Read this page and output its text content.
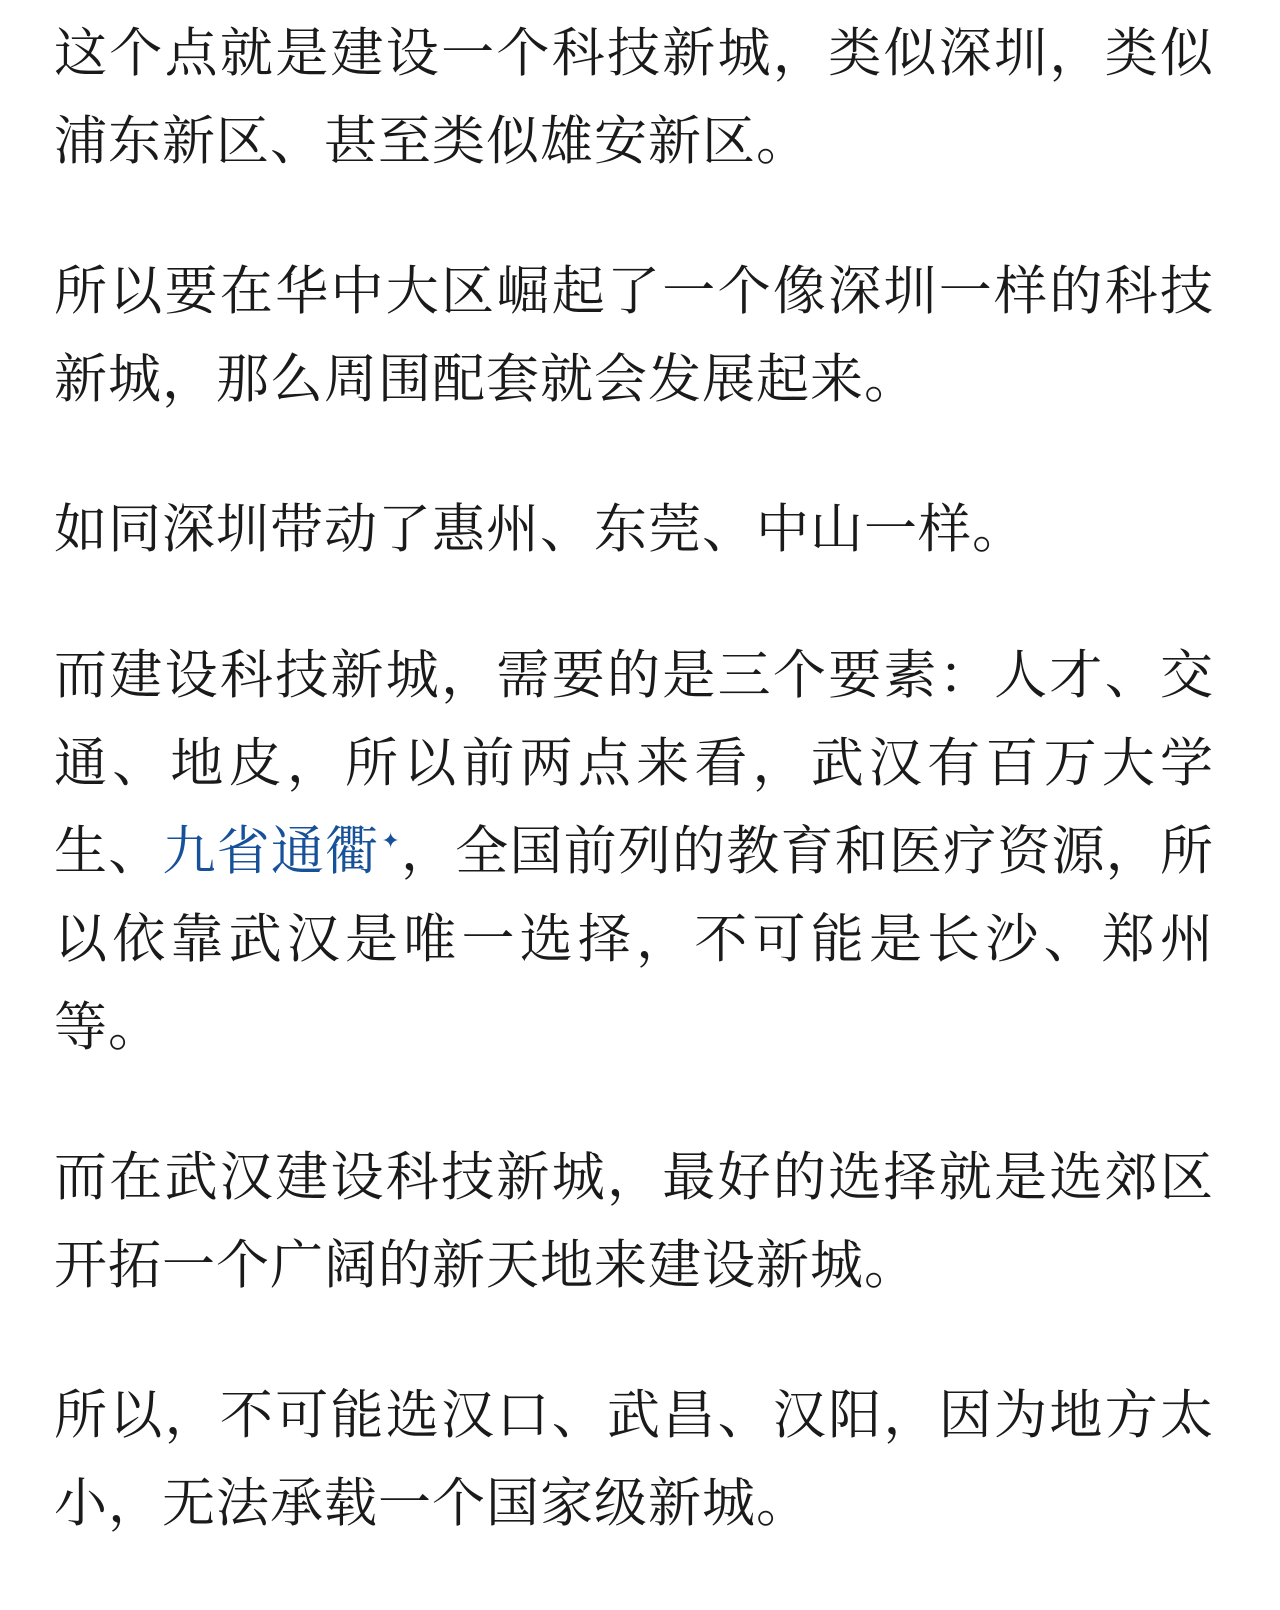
这个点就是建设一个科技新城，类似深圳，类似浦东新区、甚至类似雄安新区。

所以要在华中大区崛起了一个像深圳一样的科技新城，那么周围配套就会发展起来。

如同深圳带动了惠州、东莞、中山一样。

而建设科技新城，需要的是三个要素：人才、交通、地皮，所以前两点来看，武汉有百万大学生、九省通衢✦，全国前列的教育和医疗资源，所以依靠武汉是唯一选择，不可能是长沙、郑州等。

而在武汉建设科技新城，最好的选择就是选郊区开拓一个广阔的新天地来建设新城。

所以，不可能选汉口、武昌、汉阳，因为地方太小，无法承载一个国家级新城。
